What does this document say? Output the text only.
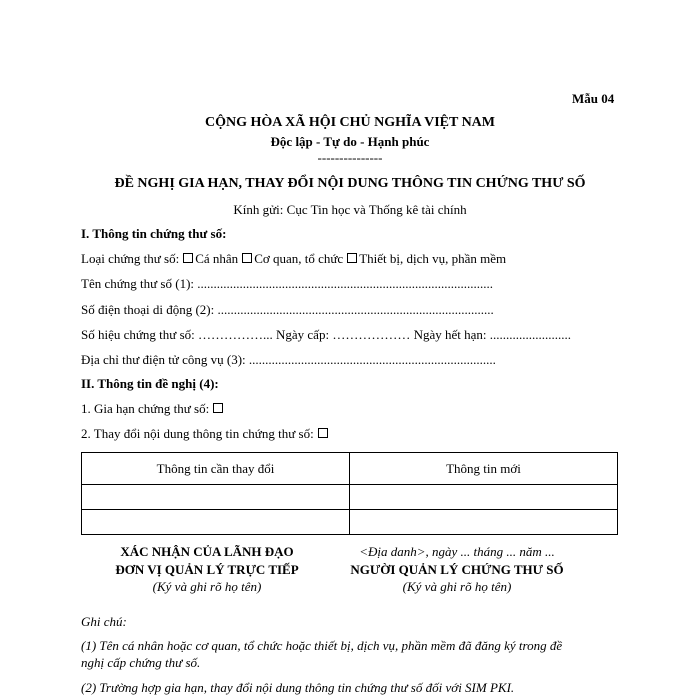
Mẫu 04
CỘNG HÒA XÃ HỘI CHỦ NGHĨA VIỆT NAM
Độc lập - Tự do - Hạnh phúc
---------------
ĐỀ NGHỊ GIA HẠN, THAY ĐỔI NỘI DUNG THÔNG TIN CHỨNG THƯ SỐ
Kính gửi: Cục Tin học và Thống kê tài chính
I. Thông tin chứng thư số:
Loại chứng thư số: Cá nhân Cơ quan, tổ chức Thiết bị, dịch vụ, phần mềm
Tên chứng thư số (1): ...........................................................................................
Số điện thoại di động (2): .....................................................................................
Số hiệu chứng thư số: ……………... Ngày cấp: ……………… Ngày hết hạn: .........................
Địa chỉ thư điện tử công vụ (3): ............................................................................
II. Thông tin đề nghị (4):
1. Gia hạn chứng thư số:
2. Thay đổi nội dung thông tin chứng thư số:
Thông tin cần thay đổi	Thông tin mới

XÁC NHẬN CỦA LÃNH ĐẠO
ĐƠN VỊ QUẢN LÝ TRỰC TIẾP
(Ký và ghi rõ họ tên)
<Địa danh>, ngày ... tháng ... năm ...
NGƯỜI QUẢN LÝ CHỨNG THƯ SỐ
(Ký và ghi rõ họ tên)
Ghi chú:
(1) Tên cá nhân hoặc cơ quan, tổ chức hoặc thiết bị, dịch vụ, phần mềm đã đăng ký trong đề
nghị cấp chứng thư số.
(2) Trường hợp gia hạn, thay đổi nội dung thông tin chứng thư số đối với SIM PKI.
